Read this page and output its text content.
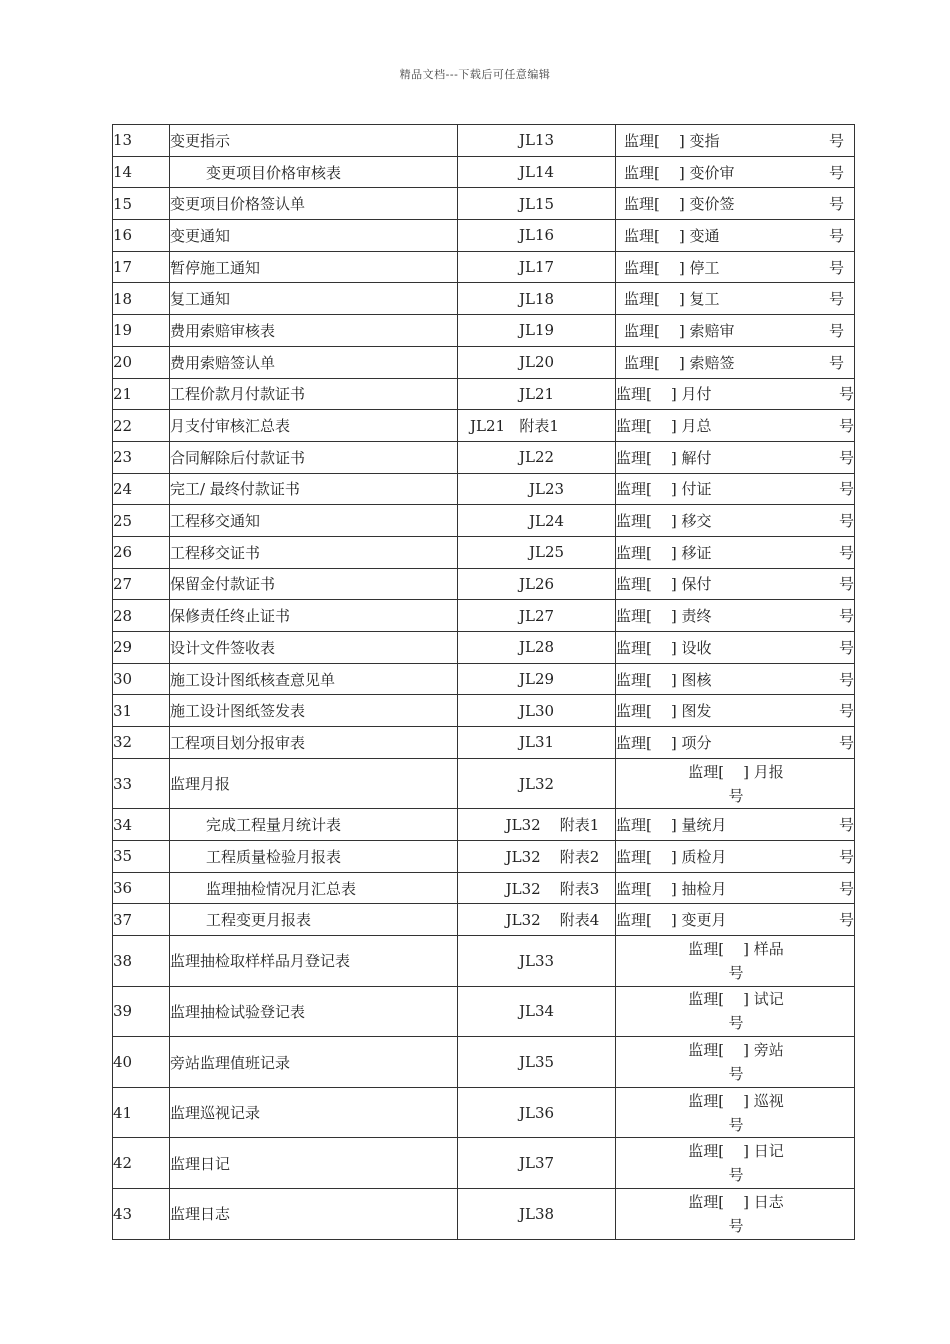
精品文档---下载后可任意编辑
13	变更指示	JL13	监理[    ] 变指 号

14	变更项目价格审核表	JL14	监理[    ] 变价审 号

15	变更项目价格签认单	JL15	监理[    ] 变价签 号

16	变更通知	JL16	监理[    ] 变通 号

17	暂停施工通知	JL17	监理[    ] 停工 号

18	复工通知	JL18	监理[    ] 复工 号

19	费用索赔审核表	JL19	监理[    ] 索赔审 号

20	费用索赔签认单	JL20	监理[    ] 索赔签 号

21	工程价款月付款证书	JL21	监理[    ] 月付 号

22	月支付审核汇总表	JL21   附表1	监理[    ] 月总 号

23	合同解除后付款证书	JL22	监理[    ] 解付 号

24	完工/ 最终付款证书	JL23	监理[    ] 付证 号

25	工程移交通知	JL24	监理[    ] 移交 号

26	工程移交证书	JL25	监理[    ] 移证 号

27	保留金付款证书	JL26	监理[    ] 保付 号

28	保修责任终止证书	JL27	监理[    ] 责终 号

29	设计文件签收表	JL28	监理[    ] 设收 号

30	施工设计图纸核查意见单	JL29	监理[    ] 图核 号

31	施工设计图纸签发表	JL30	监理[    ] 图发 号

32	工程项目划分报审表	JL31	监理[    ] 项分 号

33	监理月报	JL32	监理[    ] 月报
号

34	完成工程量月统计表	JL32    附表1	监理[    ] 量统月 号

35	工程质量检验月报表	JL32    附表2	监理[    ] 质检月 号

36	监理抽检情况月汇总表	JL32    附表3	监理[    ] 抽检月 号

37	工程变更月报表	JL32    附表4	监理[    ] 变更月 号

38	监理抽检取样样品月登记表	JL33	监理[    ] 样品
号

39	监理抽检试验登记表	JL34	监理[    ] 试记
号

40	旁站监理值班记录	JL35	监理[    ] 旁站
号

41	监理巡视记录	JL36	监理[    ] 巡视
号

42	监理日记	JL37	监理[    ] 日记
号

43	监理日志	JL38	监理[    ] 日志
号
